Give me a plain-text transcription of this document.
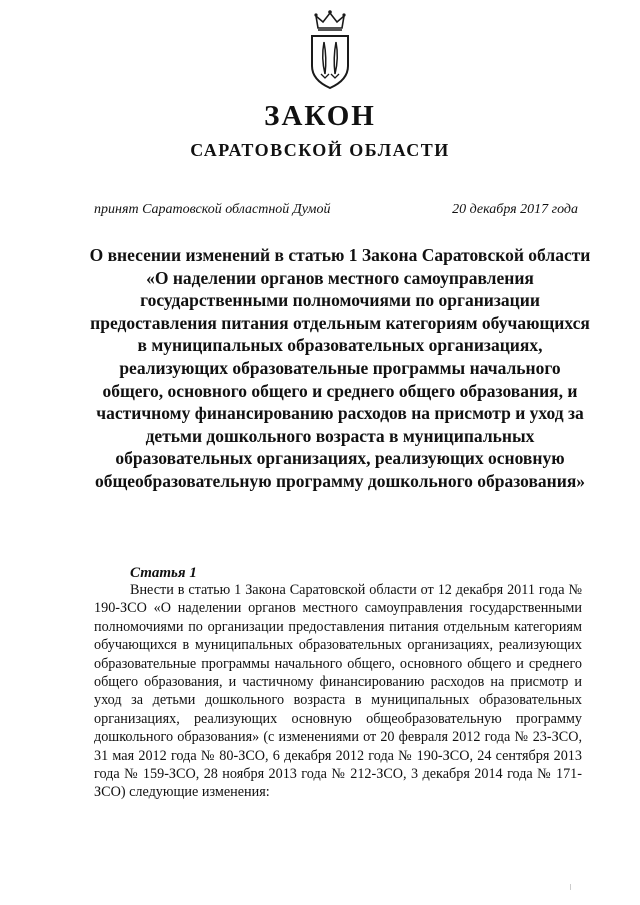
ЗАКОН
САРАТОВСКОЙ ОБЛАСТИ
принят Саратовской областной Думой	20 декабря 2017 года

О внесении изменений в статью 1 Закона Саратовской области «О наделении органов местного самоуправления государственными полномочиями по организации предоставления питания отдельным категориям обучающихся в муниципальных образовательных организациях, реализующих образовательные программы начального общего, основного общего и среднего общего образования, и частичному финансированию расходов на присмотр и уход за детьми дошкольного возраста в муниципальных образовательных организациях, реализующих основную общеобразовательную программу дошкольного образования»

Статья 1

Внести в статью 1 Закона Саратовской области от 12 декабря 2011 года № 190-ЗСО «О наделении органов местного самоуправления государственными полномочиями по организации предоставления питания отдельным категориям обучающихся в муниципальных образовательных организациях, реализующих образовательные программы начального общего, основного общего и среднего общего образования, и частичному финансированию расходов на присмотр и уход за детьми дошкольного возраста в муниципальных образовательных организациях, реализующих основную общеобразовательную программу дошкольного образования» (с изменениями от 20 февраля 2012 года № 23-ЗСО, 31 мая 2012 года № 80-ЗСО, 6 декабря 2012 года № 190-ЗСО, 24 сентября 2013 года № 159-ЗСО, 28 ноября 2013 года № 212-ЗСО, 3 декабря 2014 года № 171-ЗСО) следующие изменения:
